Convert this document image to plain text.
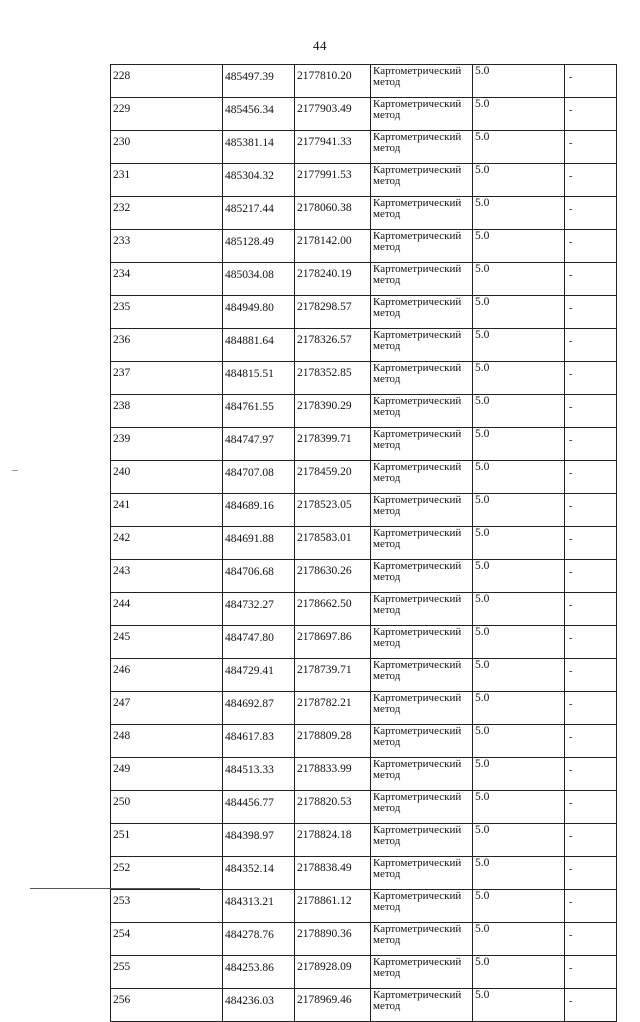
44
228	485497.39	2177810.20	Картометрический метод	5.0	-
229	485456.34	2177903.49	Картометрический метод	5.0	-
230	485381.14	2177941.33	Картометрический метод	5.0	-
231	485304.32	2177991.53	Картометрический метод	5.0	-
232	485217.44	2178060.38	Картометрический метод	5.0	-
233	485128.49	2178142.00	Картометрический метод	5.0	-
234	485034.08	2178240.19	Картометрический метод	5.0	-
235	484949.80	2178298.57	Картометрический метод	5.0	-
236	484881.64	2178326.57	Картометрический метод	5.0	-
237	484815.51	2178352.85	Картометрический метод	5.0	-
238	484761.55	2178390.29	Картометрический метод	5.0	-
239	484747.97	2178399.71	Картометрический метод	5.0	-
240	484707.08	2178459.20	Картометрический метод	5.0	-
241	484689.16	2178523.05	Картометрический метод	5.0	-
242	484691.88	2178583.01	Картометрический метод	5.0	-
243	484706.68	2178630.26	Картометрический метод	5.0	-
244	484732.27	2178662.50	Картометрический метод	5.0	-
245	484747.80	2178697.86	Картометрический метод	5.0	-
246	484729.41	2178739.71	Картометрический метод	5.0	-
247	484692.87	2178782.21	Картометрический метод	5.0	-
248	484617.83	2178809.28	Картометрический метод	5.0	-
249	484513.33	2178833.99	Картометрический метод	5.0	-
250	484456.77	2178820.53	Картометрический метод	5.0	-
251	484398.97	2178824.18	Картометрический метод	5.0	-
252	484352.14	2178838.49	Картометрический метод	5.0	-
253	484313.21	2178861.12	Картометрический метод	5.0	-
254	484278.76	2178890.36	Картометрический метод	5.0	-
255	484253.86	2178928.09	Картометрический метод	5.0	-
256	484236.03	2178969.46	Картометрический метод	5.0	-
